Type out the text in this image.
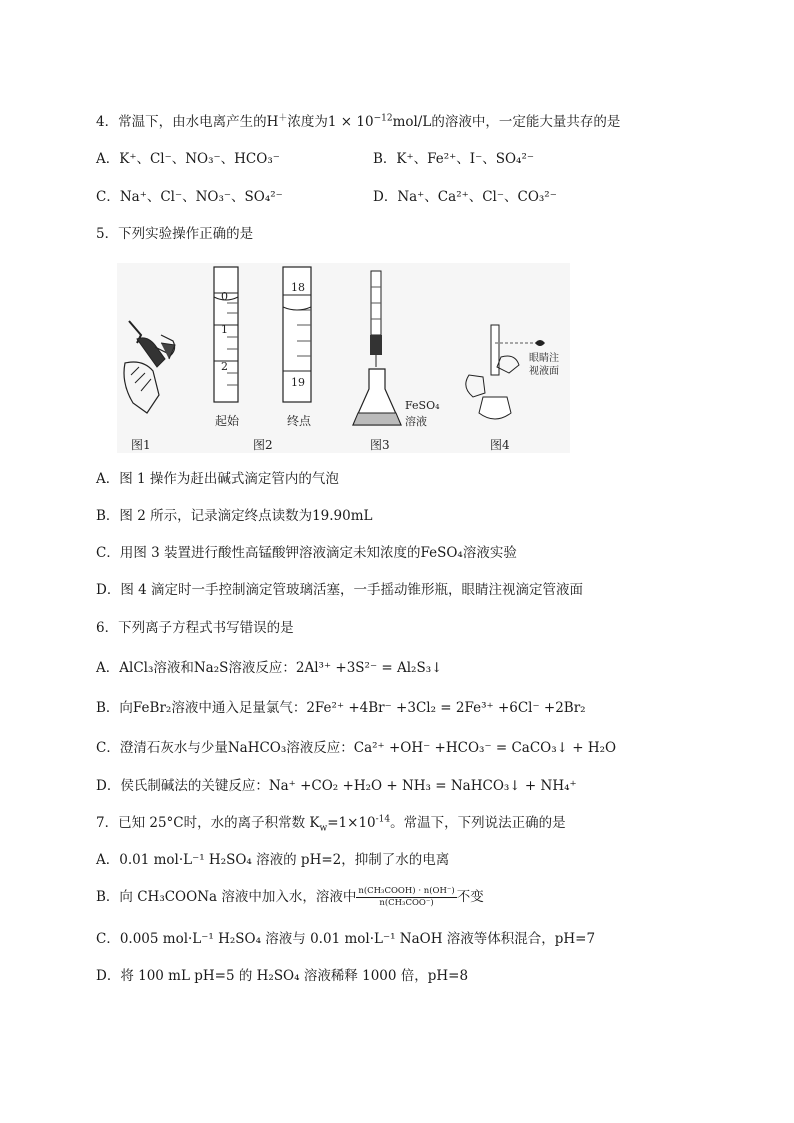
4．常温下，由水电离产生的H＋浓度为$1 \times 10^{-12}mol/L$的溶液中，一定能大量共存的是
A．K⁺、Cl⁻、NO₃⁻、HCO₃⁻	B．K⁺、Fe²⁺、I⁻、SO₄²⁻
C．Na⁺、Cl⁻、NO₃⁻、SO₄²⁻	D．Na⁺、Ca²⁺、Cl⁻、CO₃²⁻
5．下列实验操作正确的是
0
1
2
起始
18
19
终点
FeSO₄
溶液
眼睛注
视液面
图1	图2	图3	图4
A．图 1 操作为赶出碱式滴定管内的气泡
B．图 2 所示，记录滴定终点读数为19.90mL
C．用图 3 装置进行酸性高锰酸钾溶液滴定未知浓度的FeSO₄溶液实验
D．图 4 滴定时一手控制滴定管玻璃活塞，一手摇动锥形瓶，眼睛注视滴定管液面
6．下列离子方程式书写错误的是
A．AlCl₃溶液和Na₂S溶液反应：2Al³⁺ +3S²⁻ = Al₂S₃↓
B．向FeBr₂溶液中通入足量氯气：2Fe²⁺ +4Br⁻ +3Cl₂ = 2Fe³⁺ +6Cl⁻ +2Br₂
C．澄清石灰水与少量NaHCO₃溶液反应：Ca²⁺ +OH⁻ +HCO₃⁻ = CaCO₃↓ + H₂O
D．侯氏制碱法的关键反应：Na⁺ +CO₂ +H₂O + NH₃ = NaHCO₃↓ + NH₄⁺
7．已知 25°C时，水的离子积常数 $K_w=1\times 10^{-14}$。常温下，下列说法正确的是
A．0.01 mol·L⁻¹ H₂SO₄ 溶液的 pH=2，抑制了水的电离
B．向 CH₃COONa 溶液中加入水，溶液中 $\frac{\text{n(CH₃COOH) · n(OH⁻)}}{\text{n(CH₃COO⁻)}}$ 不变
C．0.005 mol·L⁻¹ H₂SO₄ 溶液与 0.01 mol·L⁻¹ NaOH 溶液等体积混合，pH=7
D．将 100 mL pH=5 的 H₂SO₄ 溶液稀释 1000 倍，pH=8
